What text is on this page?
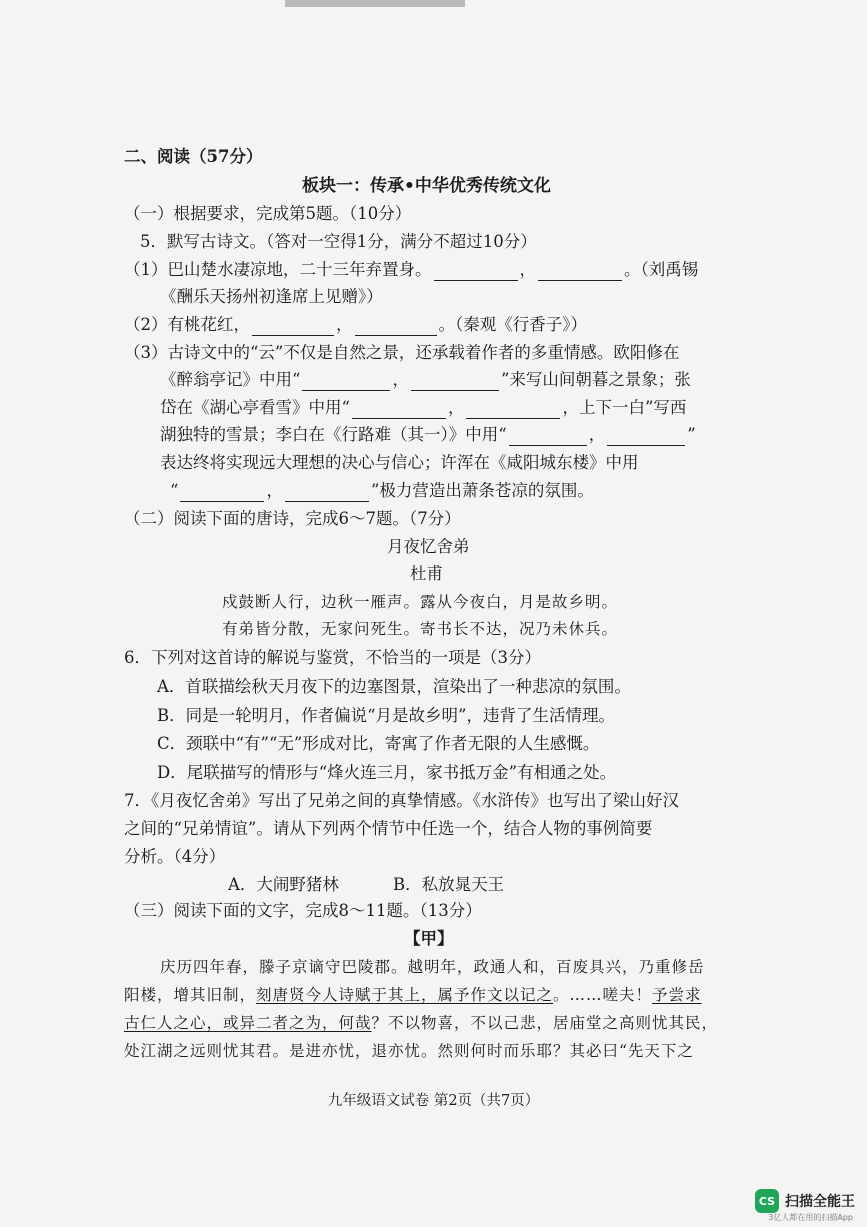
二、阅读（57分）
板块一：传承•中华优秀传统文化
（一）根据要求，完成第5题。（10分）
5．默写古诗文。（答对一空得1分，满分不超过10分）
（1）巴山楚水凄凉地，二十三年弃置身。	，	。（刘禹锡
《酬乐天扬州初逢席上见赠》）
（2）有桃花红，	，	。（秦观《行香子》）
（3）古诗文中的“云”不仅是自然之景，还承载着作者的多重情感。欧阳修在
《醉翁亭记》中用“	，	”来写山间朝暮之景象；张
岱在《湖心亭看雪》中用“	，	，上下一白”写西
湖独特的雪景；李白在《行路难（其一）》中用“	，	”
表达终将实现远大理想的决心与信心；许浑在《咸阳城东楼》中用
“	，	”极力营造出萧条苍凉的氛围。
（二）阅读下面的唐诗，完成6～7题。（7分）
月夜忆舍弟
杜甫
戍鼓断人行，边秋一雁声。露从今夜白，月是故乡明。
有弟皆分散，无家问死生。寄书长不达，况乃未休兵。
6．下列对这首诗的解说与鉴赏，不恰当的一项是（3分）
A．首联描绘秋天月夜下的边塞图景，渲染出了一种悲凉的氛围。
B．同是一轮明月，作者偏说“月是故乡明”，违背了生活情理。
C．颈联中“有”“无”形成对比，寄寓了作者无限的人生感慨。
D．尾联描写的情形与“烽火连三月，家书抵万金”有相通之处。
7．《月夜忆舍弟》写出了兄弟之间的真挚情感。《水浒传》也写出了梁山好汉
之间的“兄弟情谊”。请从下列两个情节中任选一个，结合人物的事例简要
分析。（4分）
A．大闹野猪林	B．私放晁天王
（三）阅读下面的文字，完成8～11题。（13分）
【甲】
庆历四年春，滕子京谪守巴陵郡。越明年，政通人和，百废具兴，乃重修岳
阳楼，增其旧制，刻唐贤今人诗赋于其上，属予作文以记之。……嗟夫！予尝求
古仁人之心，或异二者之为，何哉？不以物喜，不以己悲，居庙堂之高则忧其民，
处江湖之远则忧其君。是进亦忧，退亦忧。然则何时而乐耶？其必曰“先天下之
九年级语文试卷 第2页（共7页）
CS 扫描全能王
3亿人都在用的扫描App
